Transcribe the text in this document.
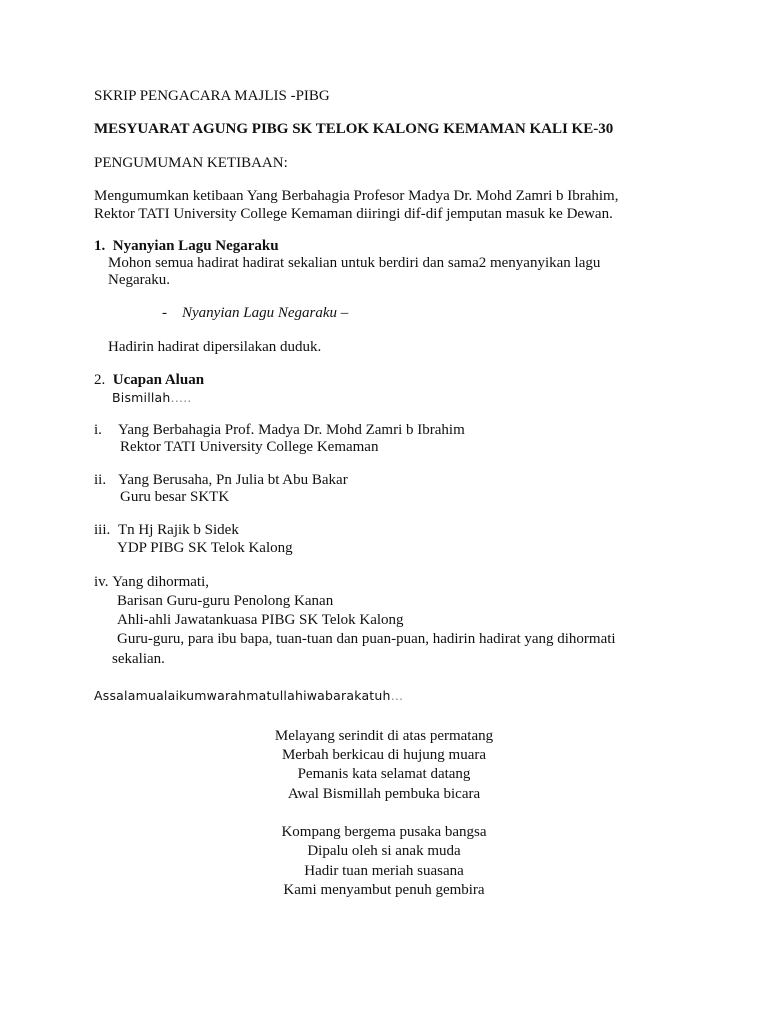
SKRIP PENGACARA MAJLIS -PIBG
MESYUARAT AGUNG PIBG SK TELOK KALONG KEMAMAN KALI KE-30
PENGUMUMAN KETIBAAN:
Mengumumkan ketibaan Yang Berbahagia Profesor Madya Dr. Mohd Zamri b Ibrahim,
Rektor TATI University College Kemaman diiringi dif-dif jemputan masuk ke Dewan.
1. Nyanyian Lagu Negaraku
Mohon semua hadirat hadirat sekalian untuk berdiri dan sama2 menyanyikan lagu
Negaraku.
- Nyanyian Lagu Negaraku –
Hadirin hadirat dipersilakan duduk.
2. Ucapan Aluan
Bismillah…..
i. Yang Berbahagia Prof. Madya Dr. Mohd Zamri b Ibrahim
Rektor TATI University College Kemaman
ii. Yang Berusaha, Pn Julia bt Abu Bakar
Guru besar SKTK
iii. Tn Hj Rajik b Sidek
YDP PIBG SK Telok Kalong
iv. Yang dihormati,
Barisan Guru-guru Penolong Kanan
Ahli-ahli Jawatankuasa PIBG SK Telok Kalong
Guru-guru, para ibu bapa, tuan-tuan dan puan-puan, hadirin hadirat yang dihormati
sekalian.
Assalamualaikumwarahmatullahiwabarakatuh…
Melayang serindit di atas permatang
Merbah berkicau di hujung muara
Pemanis kata selamat datang
Awal Bismillah pembuka bicara
Kompang bergema pusaka bangsa
Dipalu oleh si anak muda
Hadir tuan meriah suasana
Kami menyambut penuh gembira
